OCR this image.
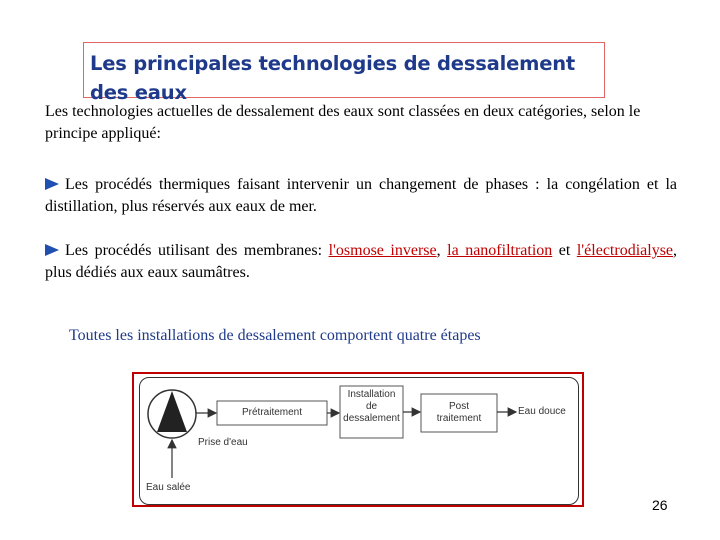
Les principales technologies de dessalement des eaux
Les technologies actuelles de dessalement des eaux sont classées en deux catégories, selon le principe appliqué:
Les procédés thermiques faisant intervenir un changement de phases : la congélation et la distillation, plus réservés aux eaux de mer.
Les procédés utilisant des membranes: l'osmose inverse, la nanofiltration et l'électrodialyse, plus dédiés aux eaux saumâtres.
Toutes les installations de dessalement comportent quatre étapes
Prétraitement
Installation
de
dessalement
Post
traitement
Eau douce
Prise d'eau
Eau salée
26
